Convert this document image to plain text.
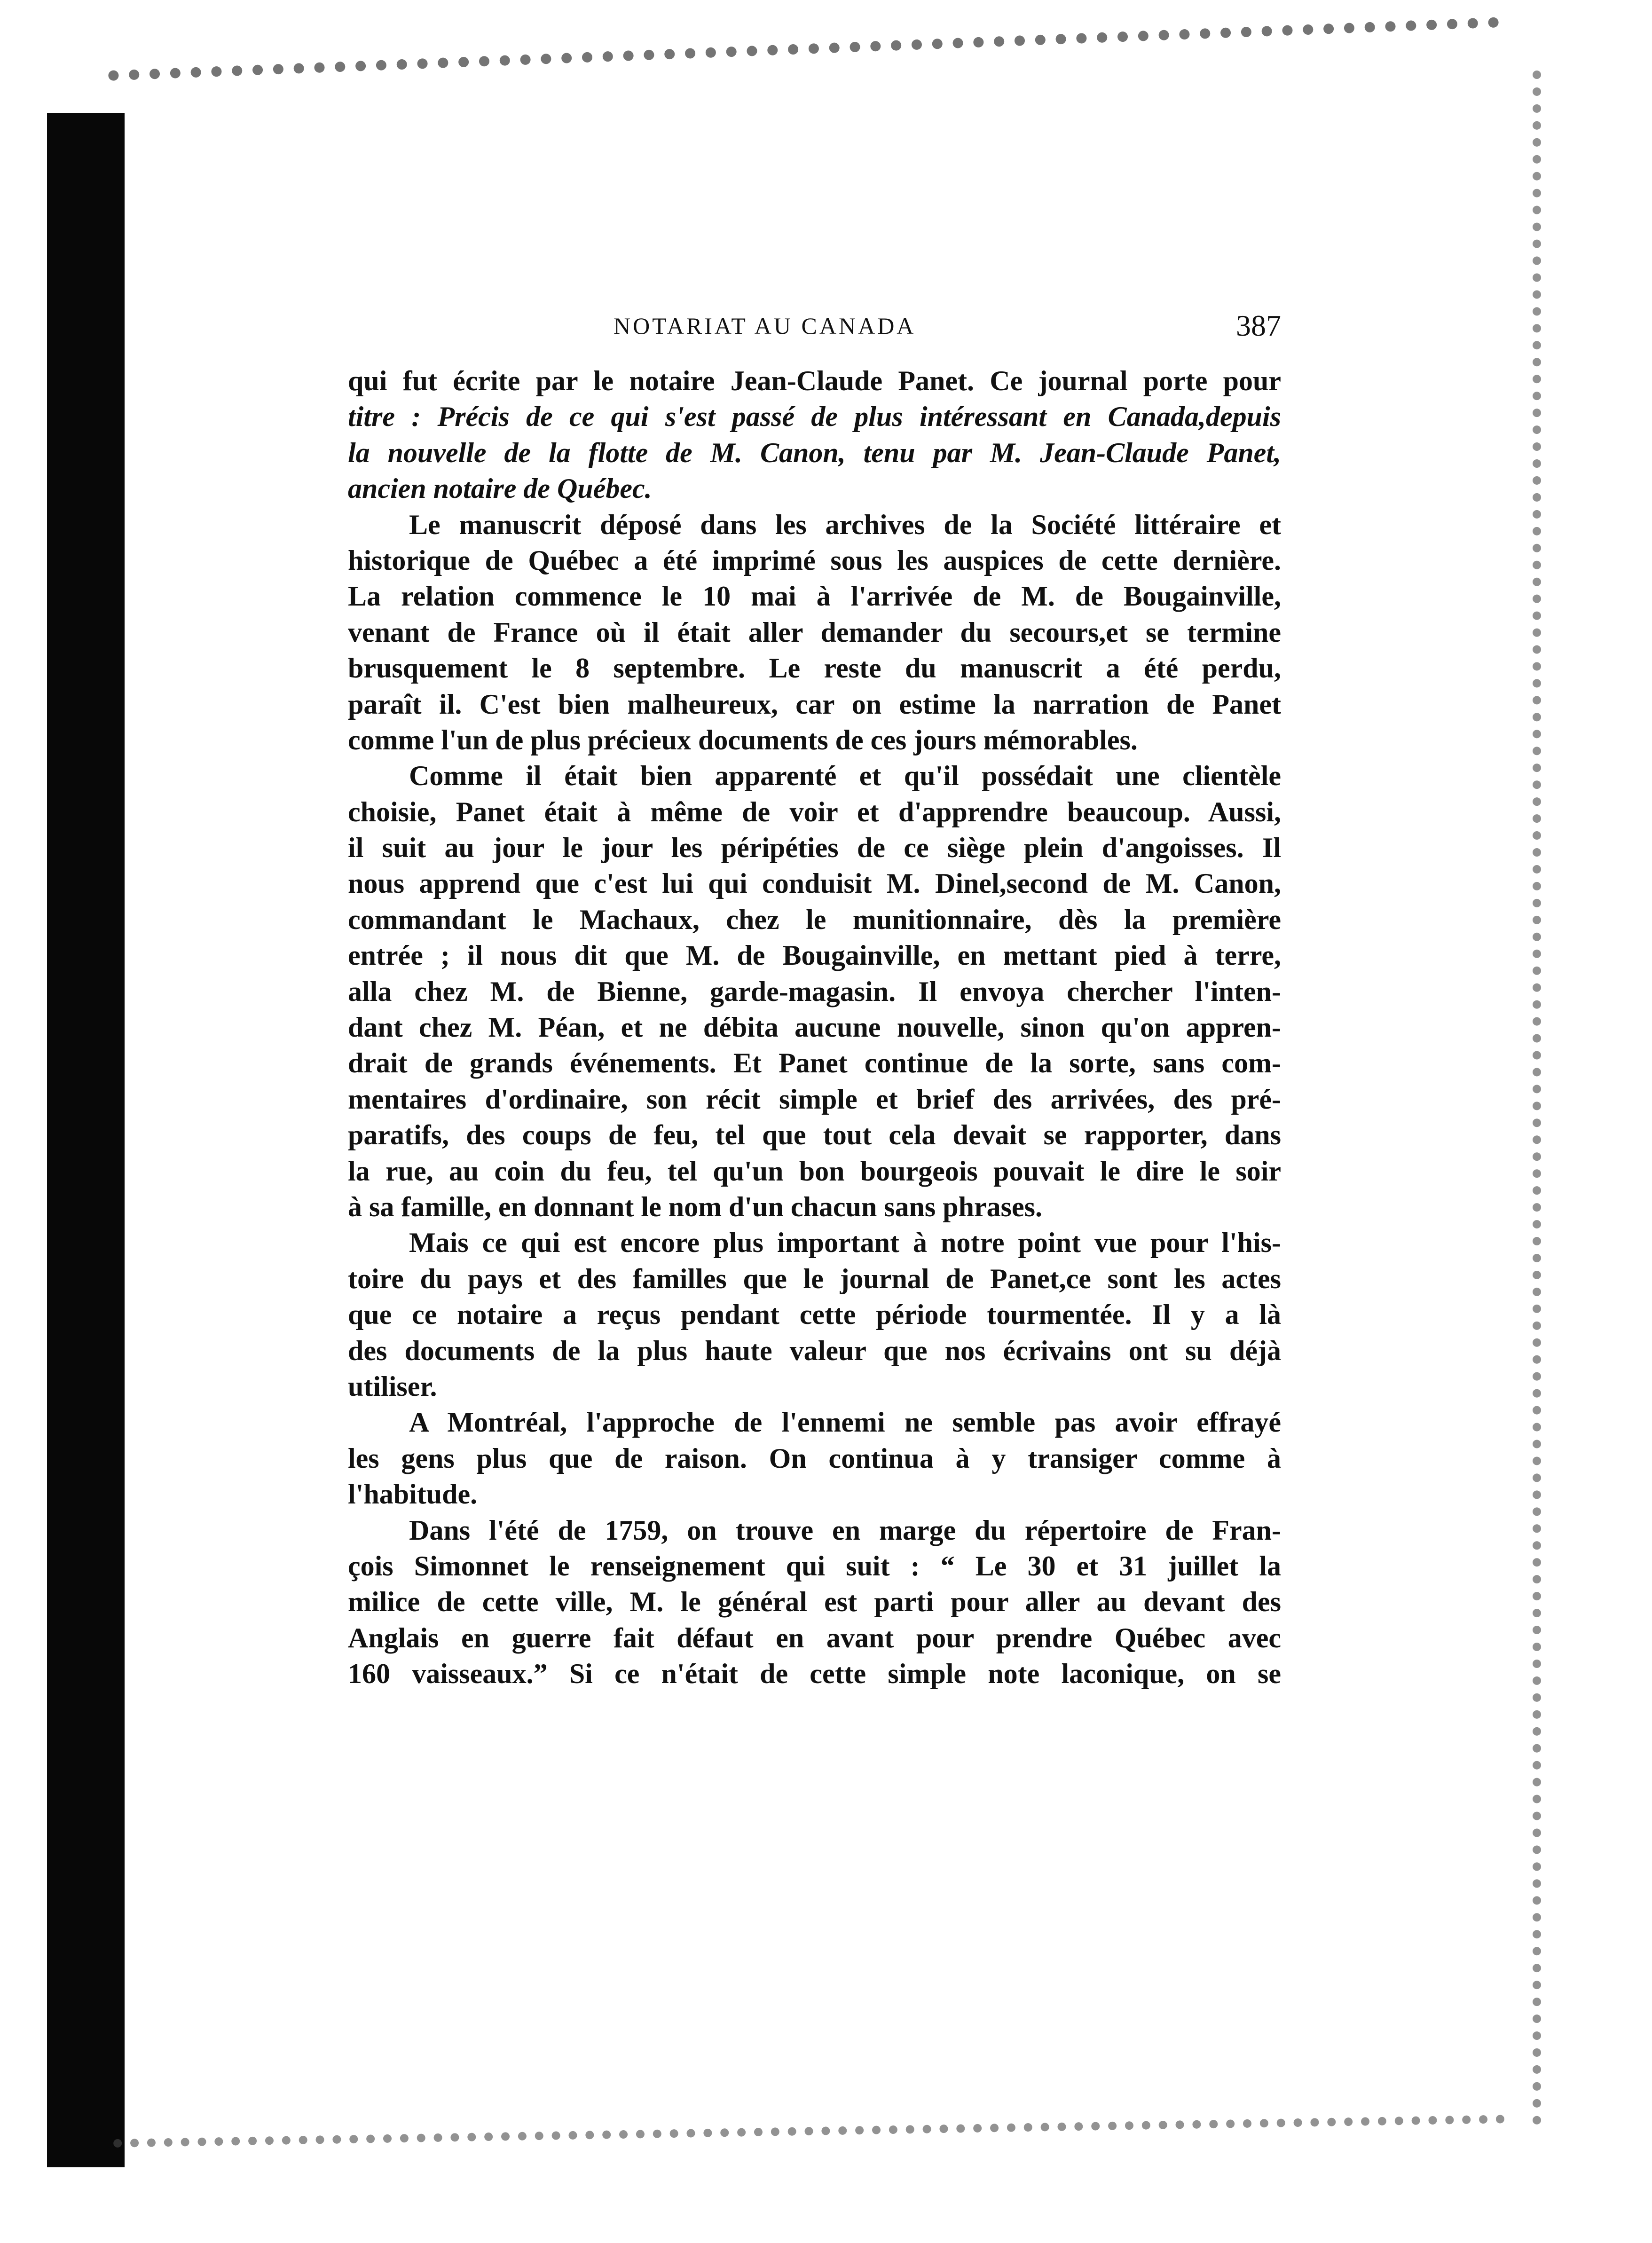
NOTARIAT AU CANADA	387
qui fut écrite par le notaire Jean-Claude Panet. Ce journal porte pour
titre : Précis de ce qui s'est passé de plus intéressant en Canada,depuis
la nouvelle de la flotte de M. Canon, tenu par M. Jean-Claude Panet,
ancien notaire de Québec.
Le manuscrit déposé dans les archives de la Société littéraire et
historique de Québec a été imprimé sous les auspices de cette dernière.
La relation commence le 10 mai à l'arrivée de M. de Bougainville,
venant de France où il était aller demander du secours,et se termine
brusquement le 8 septembre. Le reste du manuscrit a été perdu,
paraît il. C'est bien malheureux, car on estime la narration de Panet
comme l'un de plus précieux documents de ces jours mémorables.
Comme il était bien apparenté et qu'il possédait une clientèle
choisie, Panet était à même de voir et d'apprendre beaucoup. Aussi,
il suit au jour le jour les péripéties de ce siège plein d'angoisses. Il
nous apprend que c'est lui qui conduisit M. Dinel,second de M. Canon,
commandant le Machaux, chez le munitionnaire, dès la première
entrée ; il nous dit que M. de Bougainville, en mettant pied à terre,
alla chez M. de Bienne, garde-magasin. Il envoya chercher l'inten-
dant chez M. Péan, et ne débita aucune nouvelle, sinon qu'on appren-
drait de grands événements. Et Panet continue de la sorte, sans com-
mentaires d'ordinaire, son récit simple et brief des arrivées, des pré-
paratifs, des coups de feu, tel que tout cela devait se rapporter, dans
la rue, au coin du feu, tel qu'un bon bourgeois pouvait le dire le soir
à sa famille, en donnant le nom d'un chacun sans phrases.
Mais ce qui est encore plus important à notre point vue pour l'his-
toire du pays et des familles que le journal de Panet,ce sont les actes
que ce notaire a reçus pendant cette période tourmentée. Il y a là
des documents de la plus haute valeur que nos écrivains ont su déjà
utiliser.
A Montréal, l'approche de l'ennemi ne semble pas avoir effrayé
les gens plus que de raison. On continua à y transiger comme à
l'habitude.
Dans l'été de 1759, on trouve en marge du répertoire de Fran-
çois Simonnet le renseignement qui suit : “ Le 30 et 31 juillet la
milice de cette ville, M. le général est parti pour aller au devant des
Anglais en guerre fait défaut en avant pour prendre Québec avec
160 vaisseaux.” Si ce n'était de cette simple note laconique, on se
